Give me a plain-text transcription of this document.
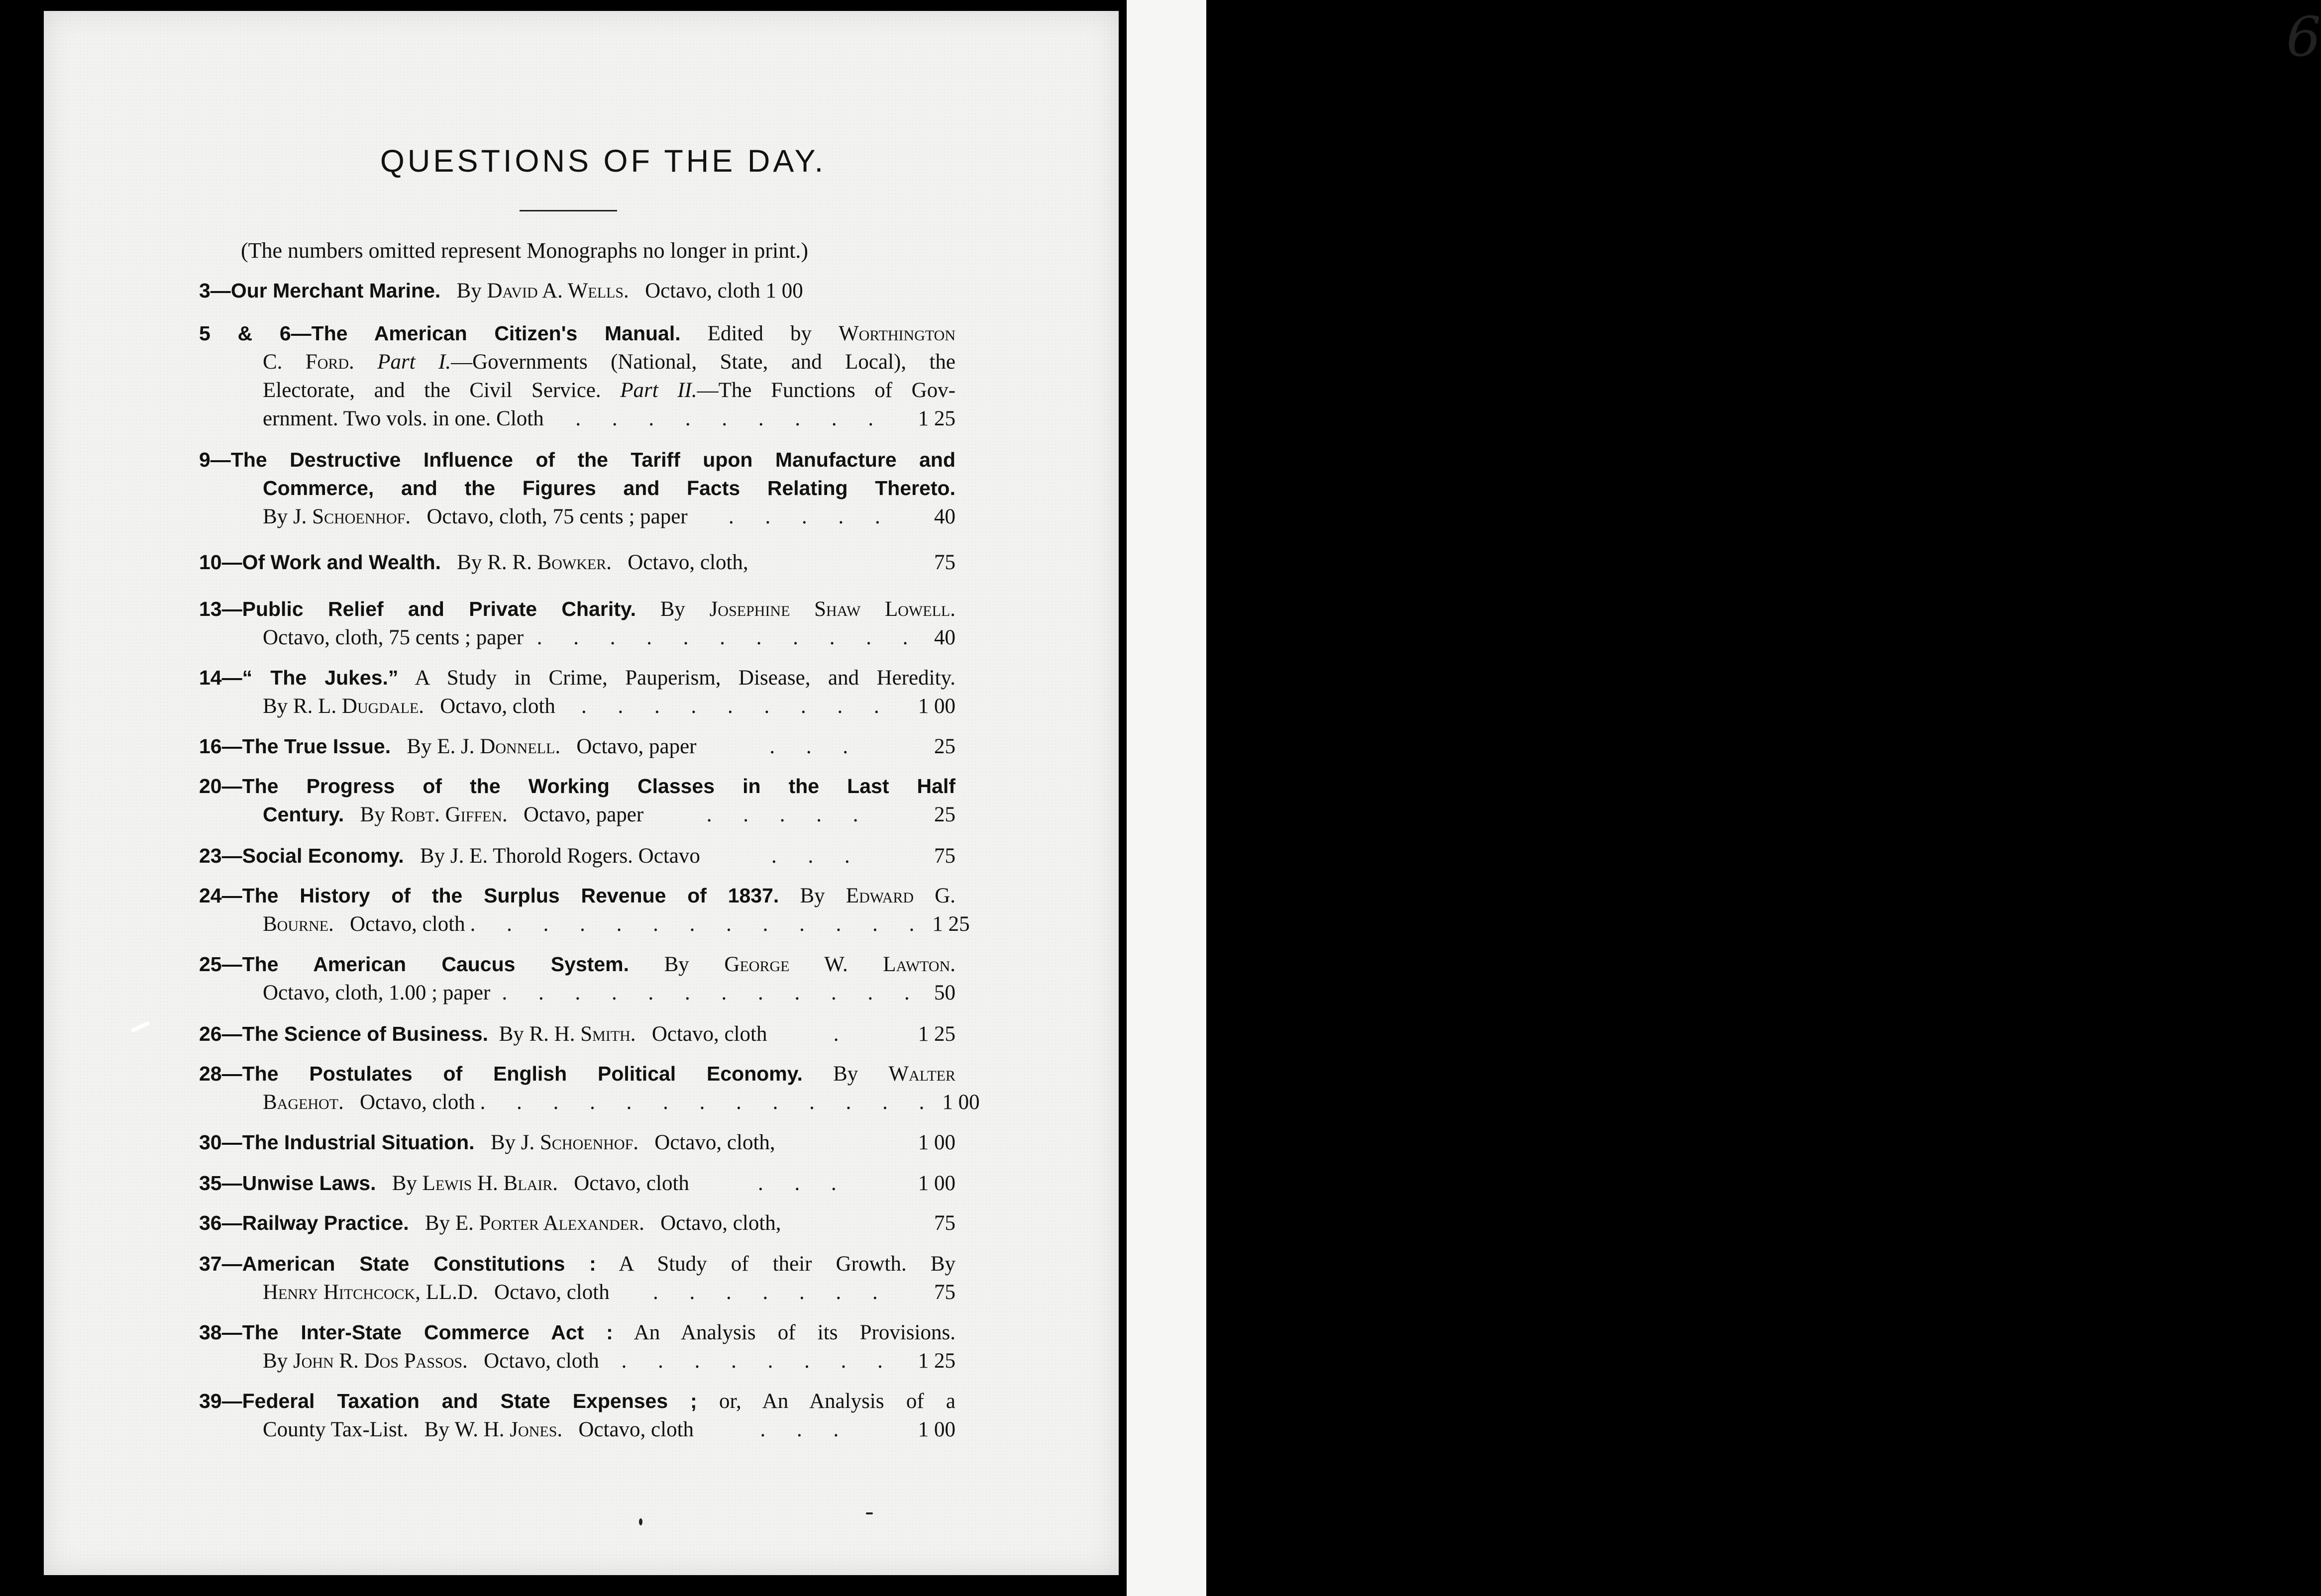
6
QUESTIONS OF THE DAY.
(The numbers omitted represent Monographs no longer in print.)
3—Our Merchant Marine. By David A. Wells. Octavo, cloth 1 00
5 & 6—The American Citizen's Manual. Edited by Worthington
C. Ford. Part I.—Governments (National, State, and Local), the
Electorate, and the Civil Service. Part II.—The Functions of Gov-
ernment. Two vols. in one. Cloth	. . . . . . . . .	1 25
9—The Destructive Influence of the Tariff upon Manufacture and
Commerce, and the Figures and Facts Relating Thereto.
By J. Schoenhof. Octavo, cloth, 75 cents ; paper	. . . . .	40
10—Of Work and Wealth. By R. R. Bowker. Octavo, cloth,	75
13—Public Relief and Private Charity. By Josephine Shaw Lowell.
Octavo, cloth, 75 cents ; paper . . . . . . . . . . . 40
14—“ The Jukes.” A Study in Crime, Pauperism, Disease, and Heredity.
By R. L. Dugdale. Octavo, cloth	. . . . . . . . .	1 00
16—The True Issue. By E. J. Donnell. Octavo, paper	. . .	25
20—The Progress of the Working Classes in the Last Half
Century. By Robt. Giffen. Octavo, paper	. . . . .	25
23—Social Economy. By J. E. Thorold Rogers. Octavo	. . .	75
24—The History of the Surplus Revenue of 1837. By Edward G.
Bourne. Octavo, cloth . . . . . . . . . . . . . 1 25
25—The American Caucus System. By George W. Lawton.
Octavo, cloth, 1.00 ; paper . . . . . . . . . . . . 50
26—The Science of Business. By R. H. Smith. Octavo, cloth	.	1 25
28—The Postulates of English Political Economy. By Walter
Bagehot. Octavo, cloth . . . . . . . . . . . . . 1 00
30—The Industrial Situation. By J. Schoenhof. Octavo, cloth,	1 00
35—Unwise Laws. By Lewis H. Blair. Octavo, cloth	. . .	1 00
36—Railway Practice. By E. Porter Alexander. Octavo, cloth,	75
37—American State Constitutions : A Study of their Growth. By
Henry Hitchcock, LL.D. Octavo, cloth	. . . . . . .	75
38—The Inter-State Commerce Act : An Analysis of its Provisions.
By John R. Dos Passos. Octavo, cloth	. . . . . . . .	1 25
39—Federal Taxation and State Expenses ; or, An Analysis of a
County Tax-List. By W. H. Jones. Octavo, cloth	. . .	1 00
